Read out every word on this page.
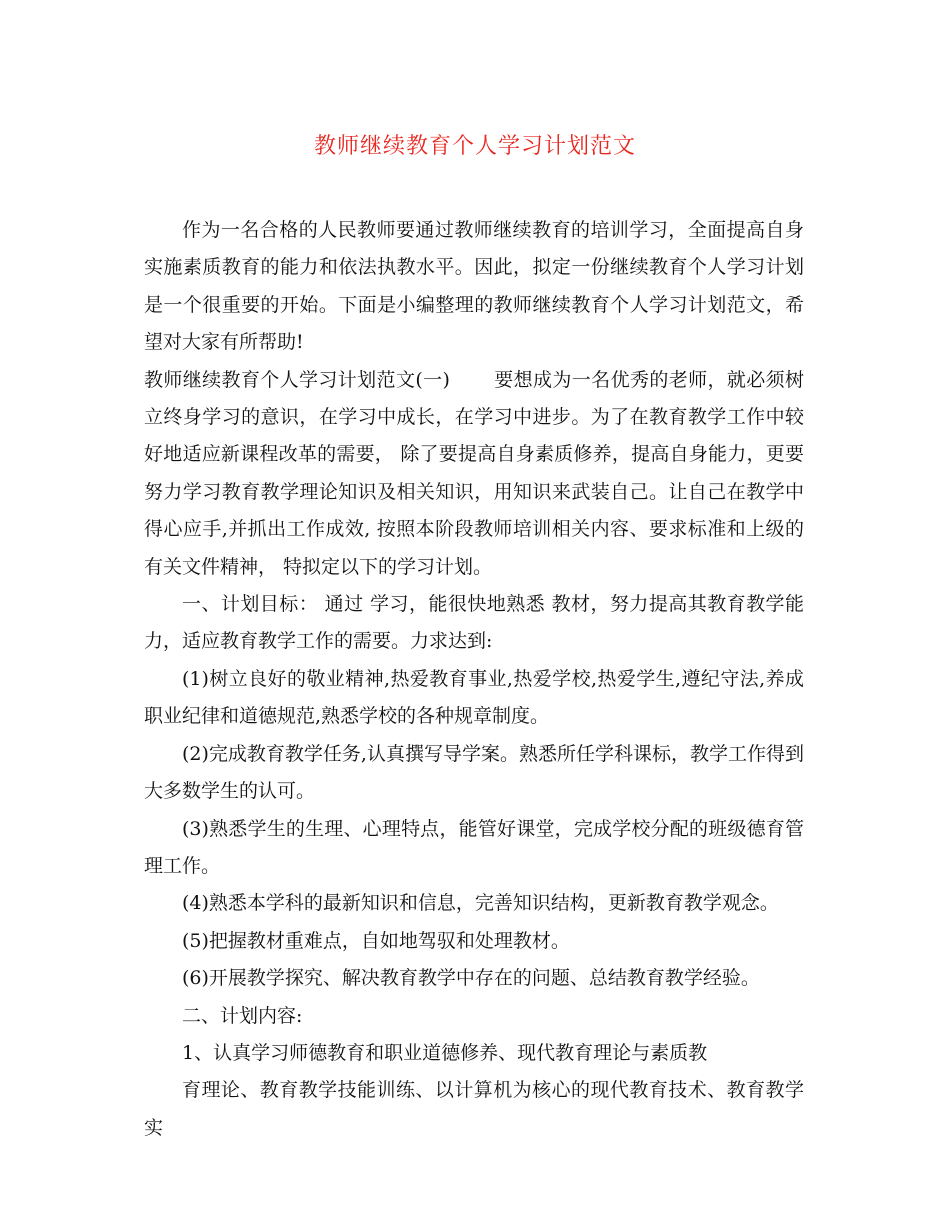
教师继续教育个人学习计划范文

作为一名合格的人民教师要通过教师继续教育的培训学习，全面提高自身实施素质教育的能力和依法执教水平。因此，拟定一份继续教育个人学习计划是一个很重要的开始。下面是小编整理的教师继续教育个人学习计划范文，希望对大家有所帮助!

教师继续教育个人学习计划范文(一) 要想成为一名优秀的老师，就必须树立终身学习的意识，在学习中成长，在学习中进步。为了在教育教学工作中较好地适应新课程改革的需要， 除了要提高自身素质修养，提高自身能力，更要努力学习教育教学理论知识及相关知识，用知识来武装自己。让自己在教学中得心应手,并抓出工作成效, 按照本阶段教师培训相关内容、要求标准和上级的有关文件精神， 特拟定以下的学习计划。

一、计划目标： 通过 学习，能很快地熟悉 教材，努力提高其教育教学能力，适应教育教学工作的需要。力求达到:

(1)树立良好的敬业精神,热爱教育事业,热爱学校,热爱学生,遵纪守法,养成职业纪律和道德规范,熟悉学校的各种规章制度。

(2)完成教育教学任务,认真撰写导学案。熟悉所任学科课标，教学工作得到大多数学生的认可。

(3)熟悉学生的生理、心理特点，能管好课堂，完成学校分配的班级德育管理工作。

(4)熟悉本学科的最新知识和信息，完善知识结构，更新教育教学观念。

(5)把握教材重难点，自如地驾驭和处理教材。

(6)开展教学探究、解决教育教学中存在的问题、总结教育教学经验。

二、计划内容:

1、认真学习师德教育和职业道德修养、现代教育理论与素质教

育理论、教育教学技能训练、以计算机为核心的现代教育技术、教育教学实
